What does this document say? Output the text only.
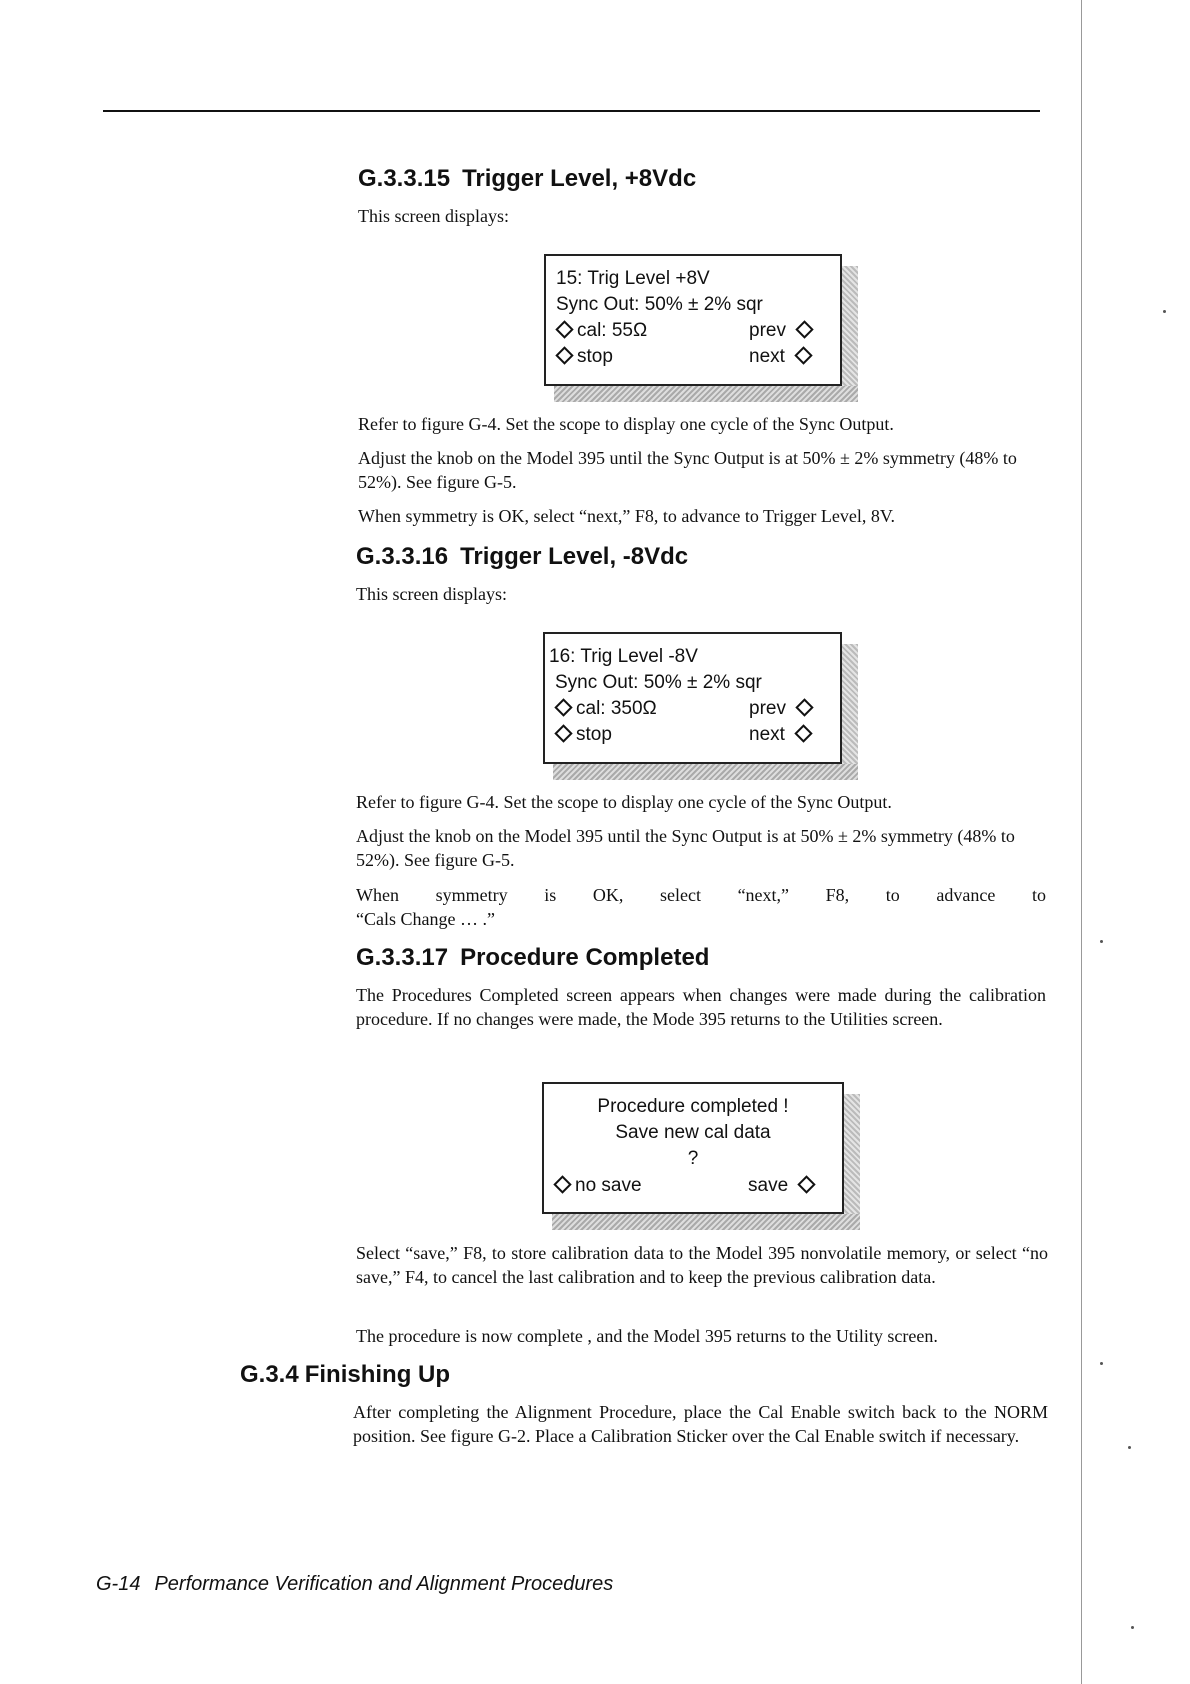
G.3.3.15 Trigger Level, +8Vdc

This screen displays:

15: Trig Level +8V
Sync Out: 50% ± 2% sqr
cal: 55Ω
stop
prev
next

Refer to figure G-4. Set the scope to display one cycle of the Sync Output.

Adjust the knob on the Model 395 until the Sync Output is at 50% ± 2% symmetry (48% to 52%). See figure G-5.

When symmetry is OK, select “next,” F8, to advance to Trigger Level, 8V.

G.3.3.16 Trigger Level, -8Vdc

This screen displays:

16: Trig Level -8V
Sync Out: 50% ± 2% sqr
cal: 350Ω
stop
prev
next

Refer to figure G-4. Set the scope to display one cycle of the Sync Output.

Adjust the knob on the Model 395 until the Sync Output is at 50% ± 2% symmetry (48% to 52%). See figure G-5.

When symmetry is OK, select “next,” F8, to advance to

“Cals Change … .”

G.3.3.17 Procedure Completed

The Procedures Completed screen appears when changes were made during the calibration procedure. If no changes were made, the Mode 395 returns to the Utilities screen.

Procedure completed !
Save new cal data
?
no save	save

Select “save,” F8, to store calibration data to the Model 395 nonvolatile memory, or select “no save,” F4, to cancel the last calibration and to keep the previous calibration data.

The procedure is now complete , and the Model 395 returns to the Utility screen.

G.3.4 Finishing Up

After completing the Alignment Procedure, place the Cal Enable switch back to the NORM position. See figure G-2. Place a Calibration Sticker over the Cal Enable switch if necessary.

G-14 Performance Verification and Alignment Procedures
